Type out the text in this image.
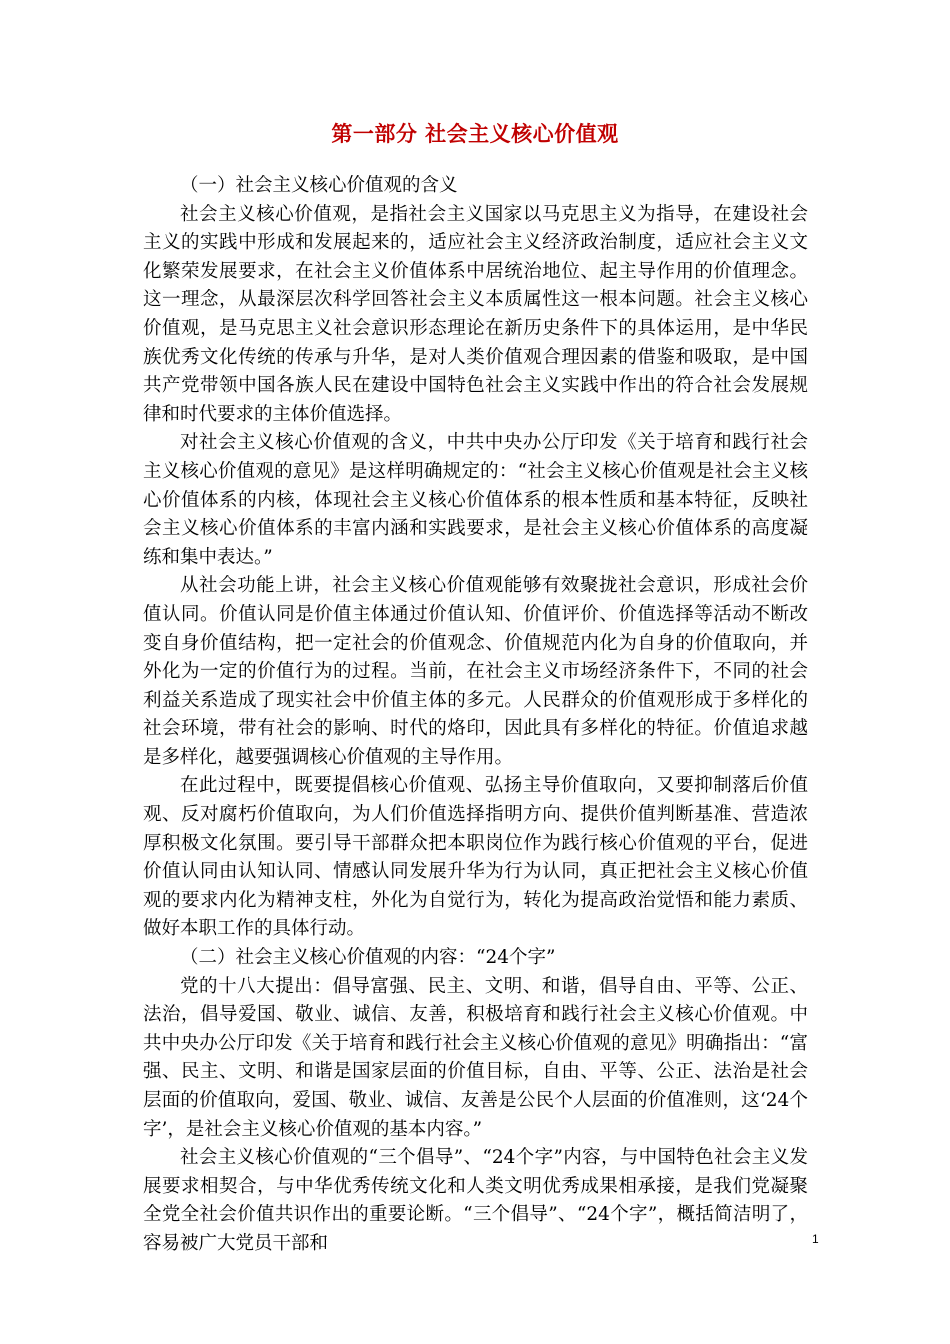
第一部分 社会主义核心价值观

（一）社会主义核心价值观的含义

社会主义核心价值观，是指社会主义国家以马克思主义为指导，在建设社会主义的实践中形成和发展起来的，适应社会主义经济政治制度，适应社会主义文化繁荣发展要求，在社会主义价值体系中居统治地位、起主导作用的价值理念。这一理念，从最深层次科学回答社会主义本质属性这一根本问题。社会主义核心价值观，是马克思主义社会意识形态理论在新历史条件下的具体运用，是中华民族优秀文化传统的传承与升华，是对人类价值观合理因素的借鉴和吸取，是中国共产党带领中国各族人民在建设中国特色社会主义实践中作出的符合社会发展规律和时代要求的主体价值选择。

对社会主义核心价值观的含义，中共中央办公厅印发《关于培育和践行社会主义核心价值观的意见》是这样明确规定的：“社会主义核心价值观是社会主义核心价值体系的内核，体现社会主义核心价值体系的根本性质和基本特征，反映社会主义核心价值体系的丰富内涵和实践要求，是社会主义核心价值体系的高度凝练和集中表达。”

从社会功能上讲，社会主义核心价值观能够有效聚拢社会意识，形成社会价值认同。价值认同是价值主体通过价值认知、价值评价、价值选择等活动不断改变自身价值结构，把一定社会的价值观念、价值规范内化为自身的价值取向，并外化为一定的价值行为的过程。当前，在社会主义市场经济条件下，不同的社会利益关系造成了现实社会中价值主体的多元。人民群众的价值观形成于多样化的社会环境，带有社会的影响、时代的烙印，因此具有多样化的特征。价值追求越是多样化，越要强调核心价值观的主导作用。

在此过程中，既要提倡核心价值观、弘扬主导价值取向，又要抑制落后价值观、反对腐朽价值取向，为人们价值选择指明方向、提供价值判断基准、营造浓厚积极文化氛围。要引导干部群众把本职岗位作为践行核心价值观的平台，促进价值认同由认知认同、情感认同发展升华为行为认同，真正把社会主义核心价值观的要求内化为精神支柱，外化为自觉行为，转化为提高政治觉悟和能力素质、做好本职工作的具体行动。

（二）社会主义核心价值观的内容：“24个字”

党的十八大提出：倡导富强、民主、文明、和谐，倡导自由、平等、公正、法治，倡导爱国、敬业、诚信、友善，积极培育和践行社会主义核心价值观。中共中央办公厅印发《关于培育和践行社会主义核心价值观的意见》明确指出：“富强、民主、文明、和谐是国家层面的价值目标，自由、平等、公正、法治是社会层面的价值取向，爱国、敬业、诚信、友善是公民个人层面的价值准则，这‘24个字’，是社会主义核心价值观的基本内容。”

社会主义核心价值观的“三个倡导”、“24个字”内容，与中国特色社会主义发展要求相契合，与中华优秀传统文化和人类文明优秀成果相承接，是我们党凝聚全党全社会价值共识作出的重要论断。“三个倡导”、“24个字”，概括简洁明了，容易被广大党员干部和	1
